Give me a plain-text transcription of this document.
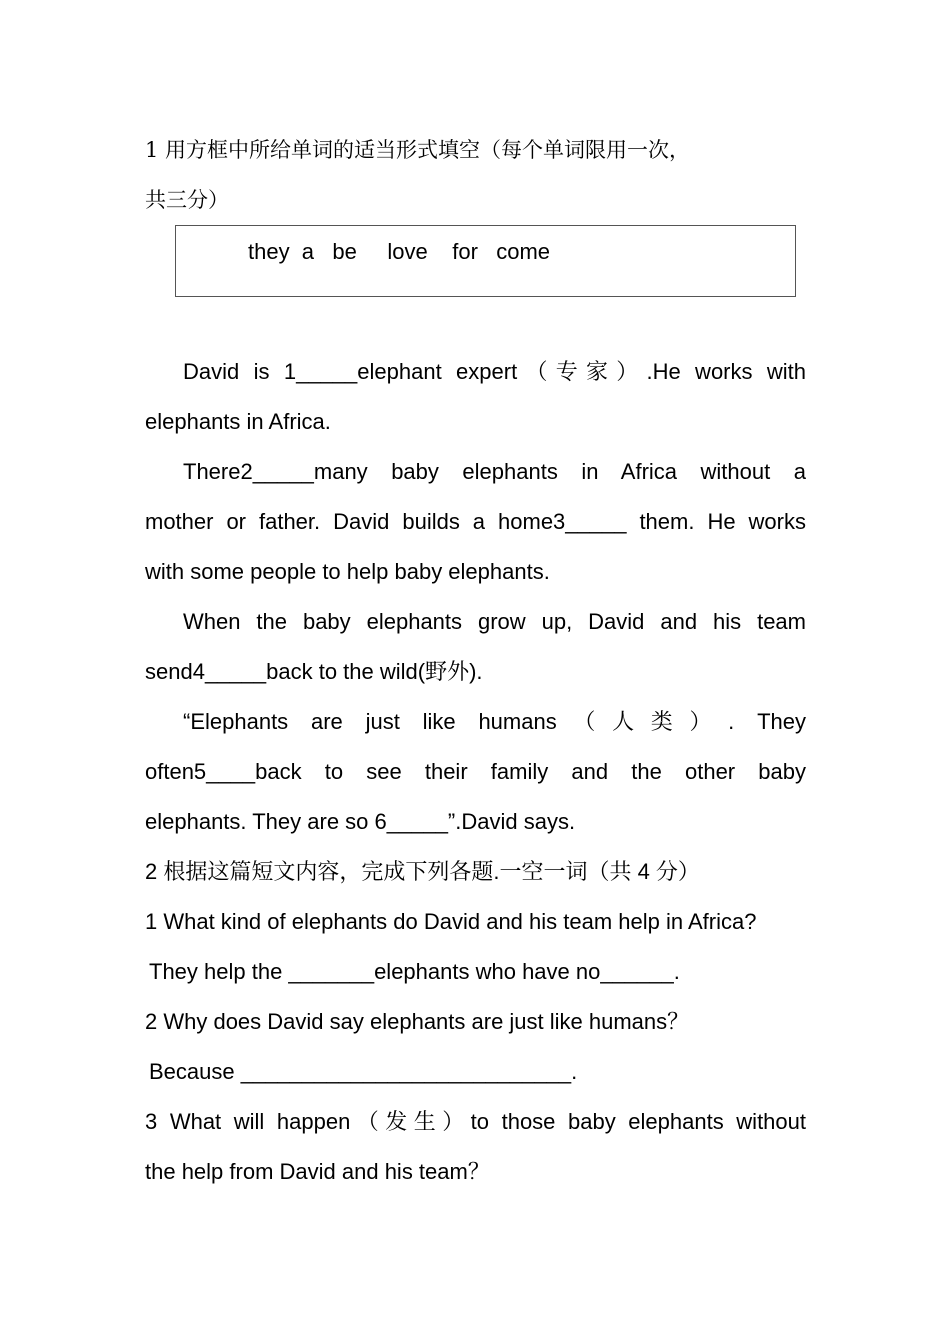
1 用方框中所给单词的适当形式填空（每个单词限用一次，
共三分）
they  a   be     love    for   come
David is 1_____elephant expert（专家）.He works with
elephants in Africa.
There2_____many baby elephants in Africa without a
mother or father. David builds a home3_____ them. He works
with some people to help baby elephants.
When the baby elephants grow up, David and his team
send4_____back to the wild(野外).
“Elephants are just like humans（人类）. They
often5____back to see their family and the other baby
elephants. They are so 6_____”.David says.
2 根据这篇短文内容，完成下列各题.一空一词（共 4 分）
1 What kind of elephants do David and his team help in Africa?
They help the _______elephants who have no______.
2 Why does David say elephants are just like humans？
Because ___________________________.
3 What will happen（发生）to those baby elephants without
the help from David and his team？
